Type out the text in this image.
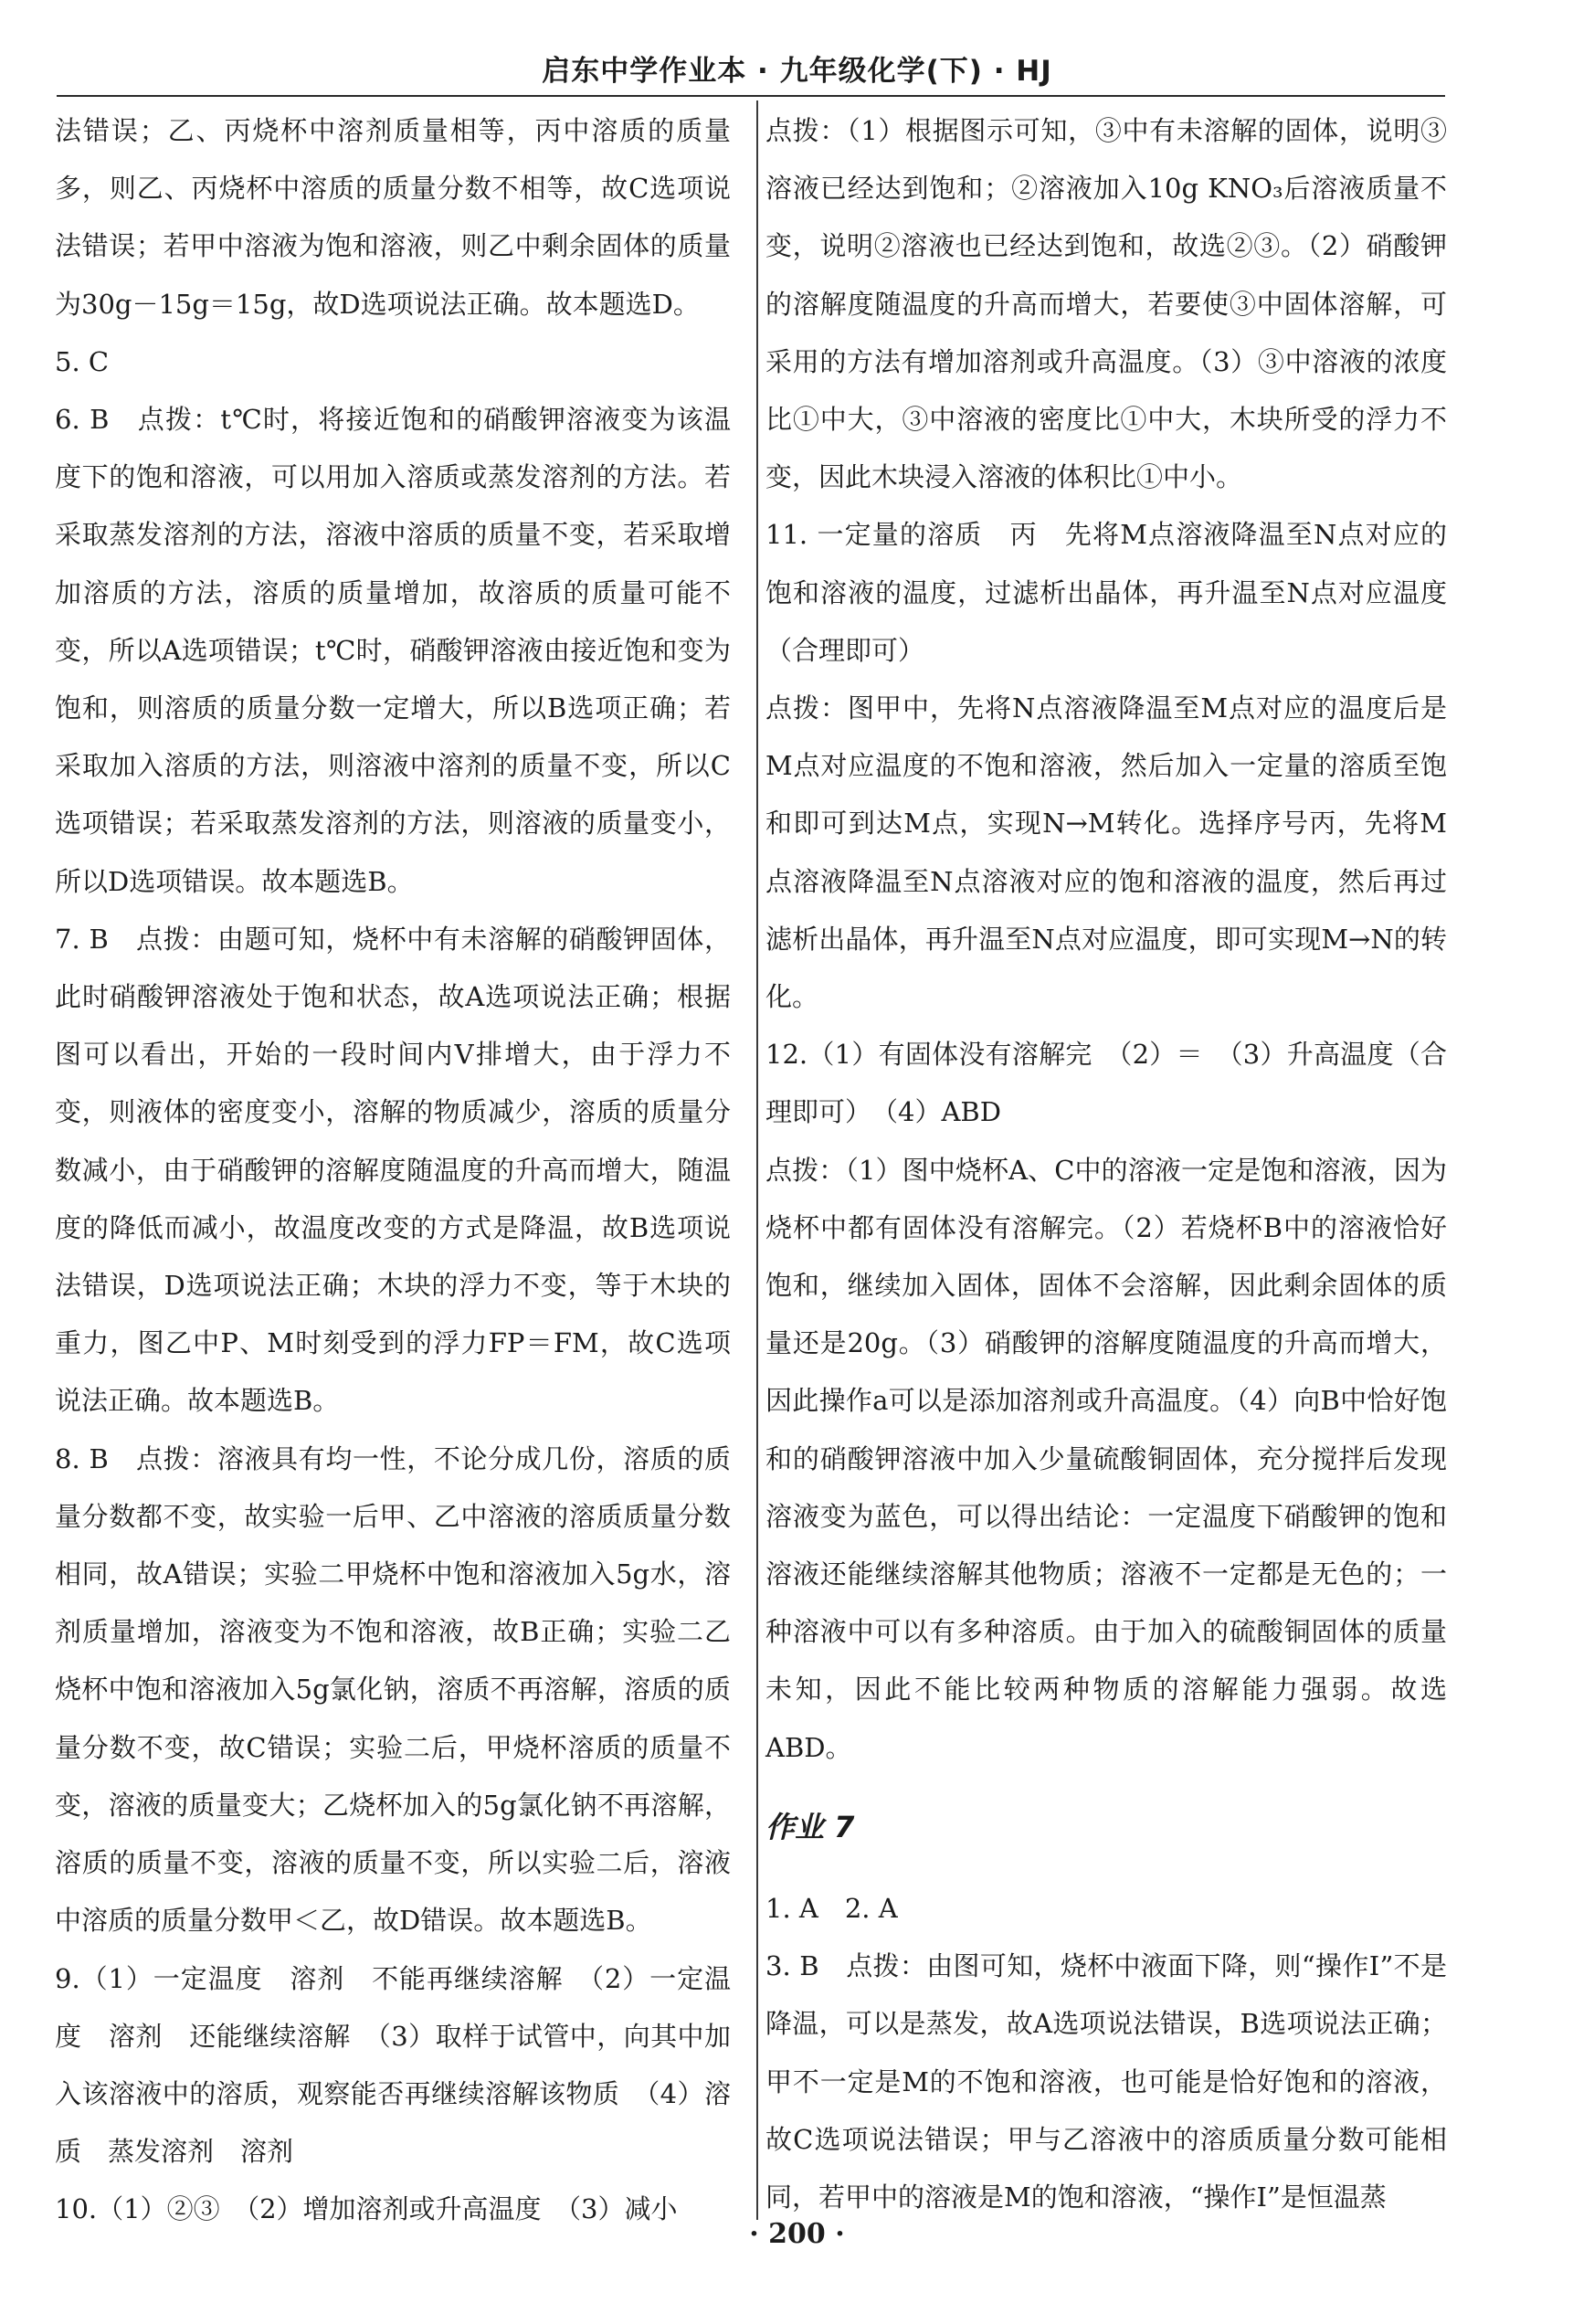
启东中学作业本 · 九年级化学(下) · HJ

法错误；乙、丙烧杯中溶剂质量相等，丙中溶质的质量多，则乙、丙烧杯中溶质的质量分数不相等，故C选项说法错误；若甲中溶液为饱和溶液，则乙中剩余固体的质量为30g－15g＝15g，故D选项说法正确。故本题选D。

5. C

6. B　点拨：t℃时，将接近饱和的硝酸钾溶液变为该温度下的饱和溶液，可以用加入溶质或蒸发溶剂的方法。若采取蒸发溶剂的方法，溶液中溶质的质量不变，若采取增加溶质的方法，溶质的质量增加，故溶质的质量可能不变，所以A选项错误；t℃时，硝酸钾溶液由接近饱和变为饱和，则溶质的质量分数一定增大，所以B选项正确；若采取加入溶质的方法，则溶液中溶剂的质量不变，所以C选项错误；若采取蒸发溶剂的方法，则溶液的质量变小，所以D选项错误。故本题选B。

7. B　点拨：由题可知，烧杯中有未溶解的硝酸钾固体，此时硝酸钾溶液处于饱和状态，故A选项说法正确；根据图可以看出，开始的一段时间内V排增大，由于浮力不变，则液体的密度变小，溶解的物质减少，溶质的质量分数减小，由于硝酸钾的溶解度随温度的升高而增大，随温度的降低而减小，故温度改变的方式是降温，故B选项说法错误，D选项说法正确；木块的浮力不变，等于木块的重力，图乙中P、M时刻受到的浮力FP＝FM，故C选项说法正确。故本题选B。

8. B　点拨：溶液具有均一性，不论分成几份，溶质的质量分数都不变，故实验一后甲、乙中溶液的溶质质量分数相同，故A错误；实验二甲烧杯中饱和溶液加入5g水，溶剂质量增加，溶液变为不饱和溶液，故B正确；实验二乙烧杯中饱和溶液加入5g氯化钠，溶质不再溶解，溶质的质量分数不变，故C错误；实验二后，甲烧杯溶质的质量不变，溶液的质量变大；乙烧杯加入的5g氯化钠不再溶解，溶质的质量不变，溶液的质量不变，所以实验二后，溶液中溶质的质量分数甲＜乙，故D错误。故本题选B。

9.（1）一定温度　溶剂　不能再继续溶解　（2）一定温度　溶剂　还能继续溶解　（3）取样于试管中，向其中加入该溶液中的溶质，观察能否再继续溶解该物质　（4）溶质　蒸发溶剂　溶剂

10.（1）②③　（2）增加溶剂或升高温度　（3）减小

点拨：（1）根据图示可知，③中有未溶解的固体，说明③溶液已经达到饱和；②溶液加入10g KNO₃后溶液质量不变，说明②溶液也已经达到饱和，故选②③。（2）硝酸钾的溶解度随温度的升高而增大，若要使③中固体溶解，可采用的方法有增加溶剂或升高温度。（3）③中溶液的浓度比①中大，③中溶液的密度比①中大，木块所受的浮力不变，因此木块浸入溶液的体积比①中小。

11. 一定量的溶质　丙　先将M点溶液降温至N点对应的饱和溶液的温度，过滤析出晶体，再升温至N点对应温度（合理即可）

点拨：图甲中，先将N点溶液降温至M点对应的温度后是M点对应温度的不饱和溶液，然后加入一定量的溶质至饱和即可到达M点，实现N→M转化。选择序号丙，先将M点溶液降温至N点溶液对应的饱和溶液的温度，然后再过滤析出晶体，再升温至N点对应温度，即可实现M→N的转化。

12.（1）有固体没有溶解完　（2）＝　（3）升高温度（合理即可）　（4）ABD

点拨：（1）图中烧杯A、C中的溶液一定是饱和溶液，因为烧杯中都有固体没有溶解完。（2）若烧杯B中的溶液恰好饱和，继续加入固体，固体不会溶解，因此剩余固体的质量还是20g。（3）硝酸钾的溶解度随温度的升高而增大，因此操作a可以是添加溶剂或升高温度。（4）向B中恰好饱和的硝酸钾溶液中加入少量硫酸铜固体，充分搅拌后发现溶液变为蓝色，可以得出结论：一定温度下硝酸钾的饱和溶液还能继续溶解其他物质；溶液不一定都是无色的；一种溶液中可以有多种溶质。由于加入的硫酸铜固体的质量未知，因此不能比较两种物质的溶解能力强弱。故选ABD。

作业 7

1. A　2. A

3. B　点拨：由图可知，烧杯中液面下降，则“操作Ⅰ”不是降温，可以是蒸发，故A选项说法错误，B选项说法正确；甲不一定是M的不饱和溶液，也可能是恰好饱和的溶液，故C选项说法错误；甲与乙溶液中的溶质质量分数可能相同，若甲中的溶液是M的饱和溶液，“操作Ⅰ”是恒温蒸

· 200 ·
